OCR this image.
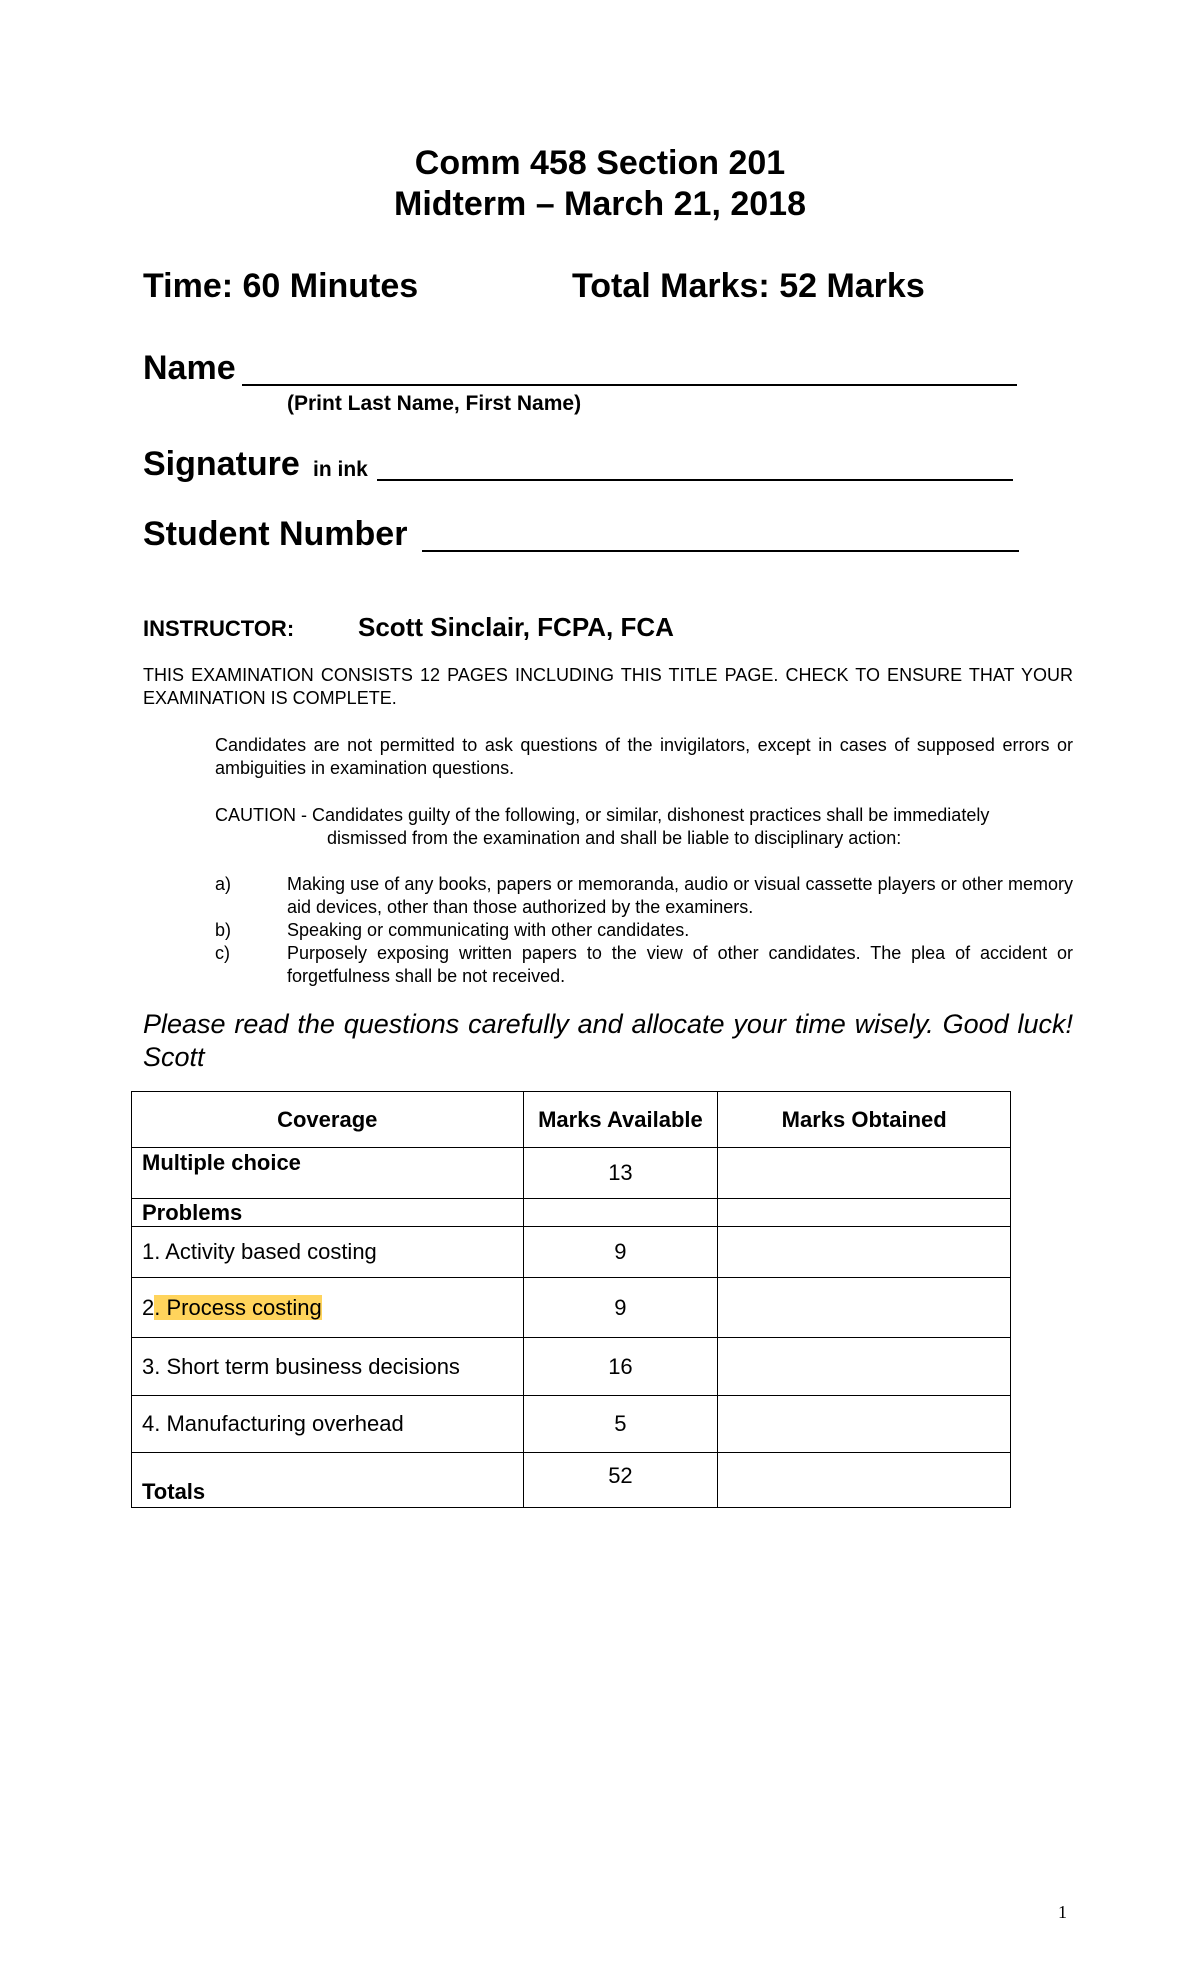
Comm 458 Section 201
Midterm – March 21, 2018
Time: 60 Minutes	Total Marks: 52 Marks
Name
(Print Last Name, First Name)
Signature in ink
Student Number
INSTRUCTOR: Scott Sinclair, FCPA, FCA
THIS EXAMINATION CONSISTS 12 PAGES INCLUDING THIS TITLE PAGE. CHECK TO ENSURE THAT YOUR EXAMINATION IS COMPLETE.
Candidates are not permitted to ask questions of the invigilators, except in cases of supposed errors or ambiguities in examination questions.
CAUTION - Candidates guilty of the following, or similar, dishonest practices shall be immediately
dismissed from the examination and shall be liable to disciplinary action:
a)	Making use of any books, papers or memoranda, audio or visual cassette players or other memory aid devices, other than those authorized by the examiners.
b)	Speaking or communicating with other candidates.
c)	Purposely exposing written papers to the view of other candidates. The plea of accident or forgetfulness shall be not received.
Please read the questions carefully and allocate your time wisely. Good luck! Scott
Coverage	Marks Available	Marks Obtained
Multiple choice	13	
Problems		
1. Activity based costing	9	
2. Process costing	9	
3. Short term business decisions	16	
4. Manufacturing overhead	5	
Totals	52	
1
